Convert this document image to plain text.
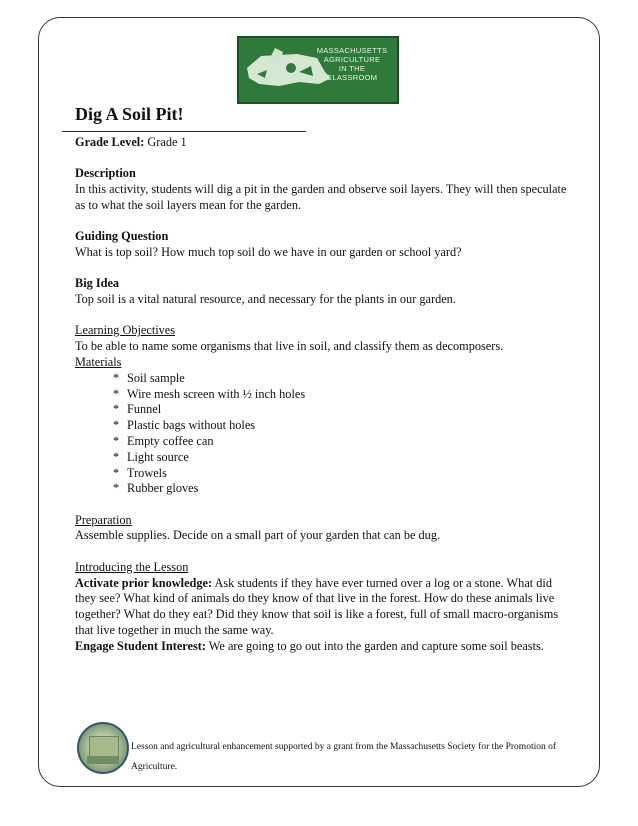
MASSACHUSETTS
AGRICULTURE
IN THE CLASSROOM
Dig A Soil Pit!

Grade Level: Grade 1

Description

In this activity, students will dig a pit in the garden and observe soil layers. They will then speculate as to what the soil layers mean for the garden.

Guiding Question

What is top soil? How much top soil do we have in our garden or school yard?

Big Idea

Top soil is a vital natural resource, and necessary for the plants in our garden.

Learning Objectives

To be able to name some organisms that live in soil, and classify them as decomposers.

Materials

* Soil sample
* Wire mesh screen with ½ inch holes
* Funnel
* Plastic bags without holes
* Empty coffee can
* Light source
* Trowels
* Rubber gloves

Preparation

Assemble supplies. Decide on a small part of your garden that can be dug.

Introducing the Lesson

Activate prior knowledge: Ask students if they have ever turned over a log or a stone. What did they see? What kind of animals do they know of that live in the forest. How do these animals live together? What do they eat? Did they know that soil is like a forest, full of small macro-organisms that live together in much the same way.

Engage Student Interest: We are going to go out into the garden and capture some soil beasts.

Lesson and agricultural enhancement supported by a grant from the Massachusetts Society for the Promotion of Agriculture.
